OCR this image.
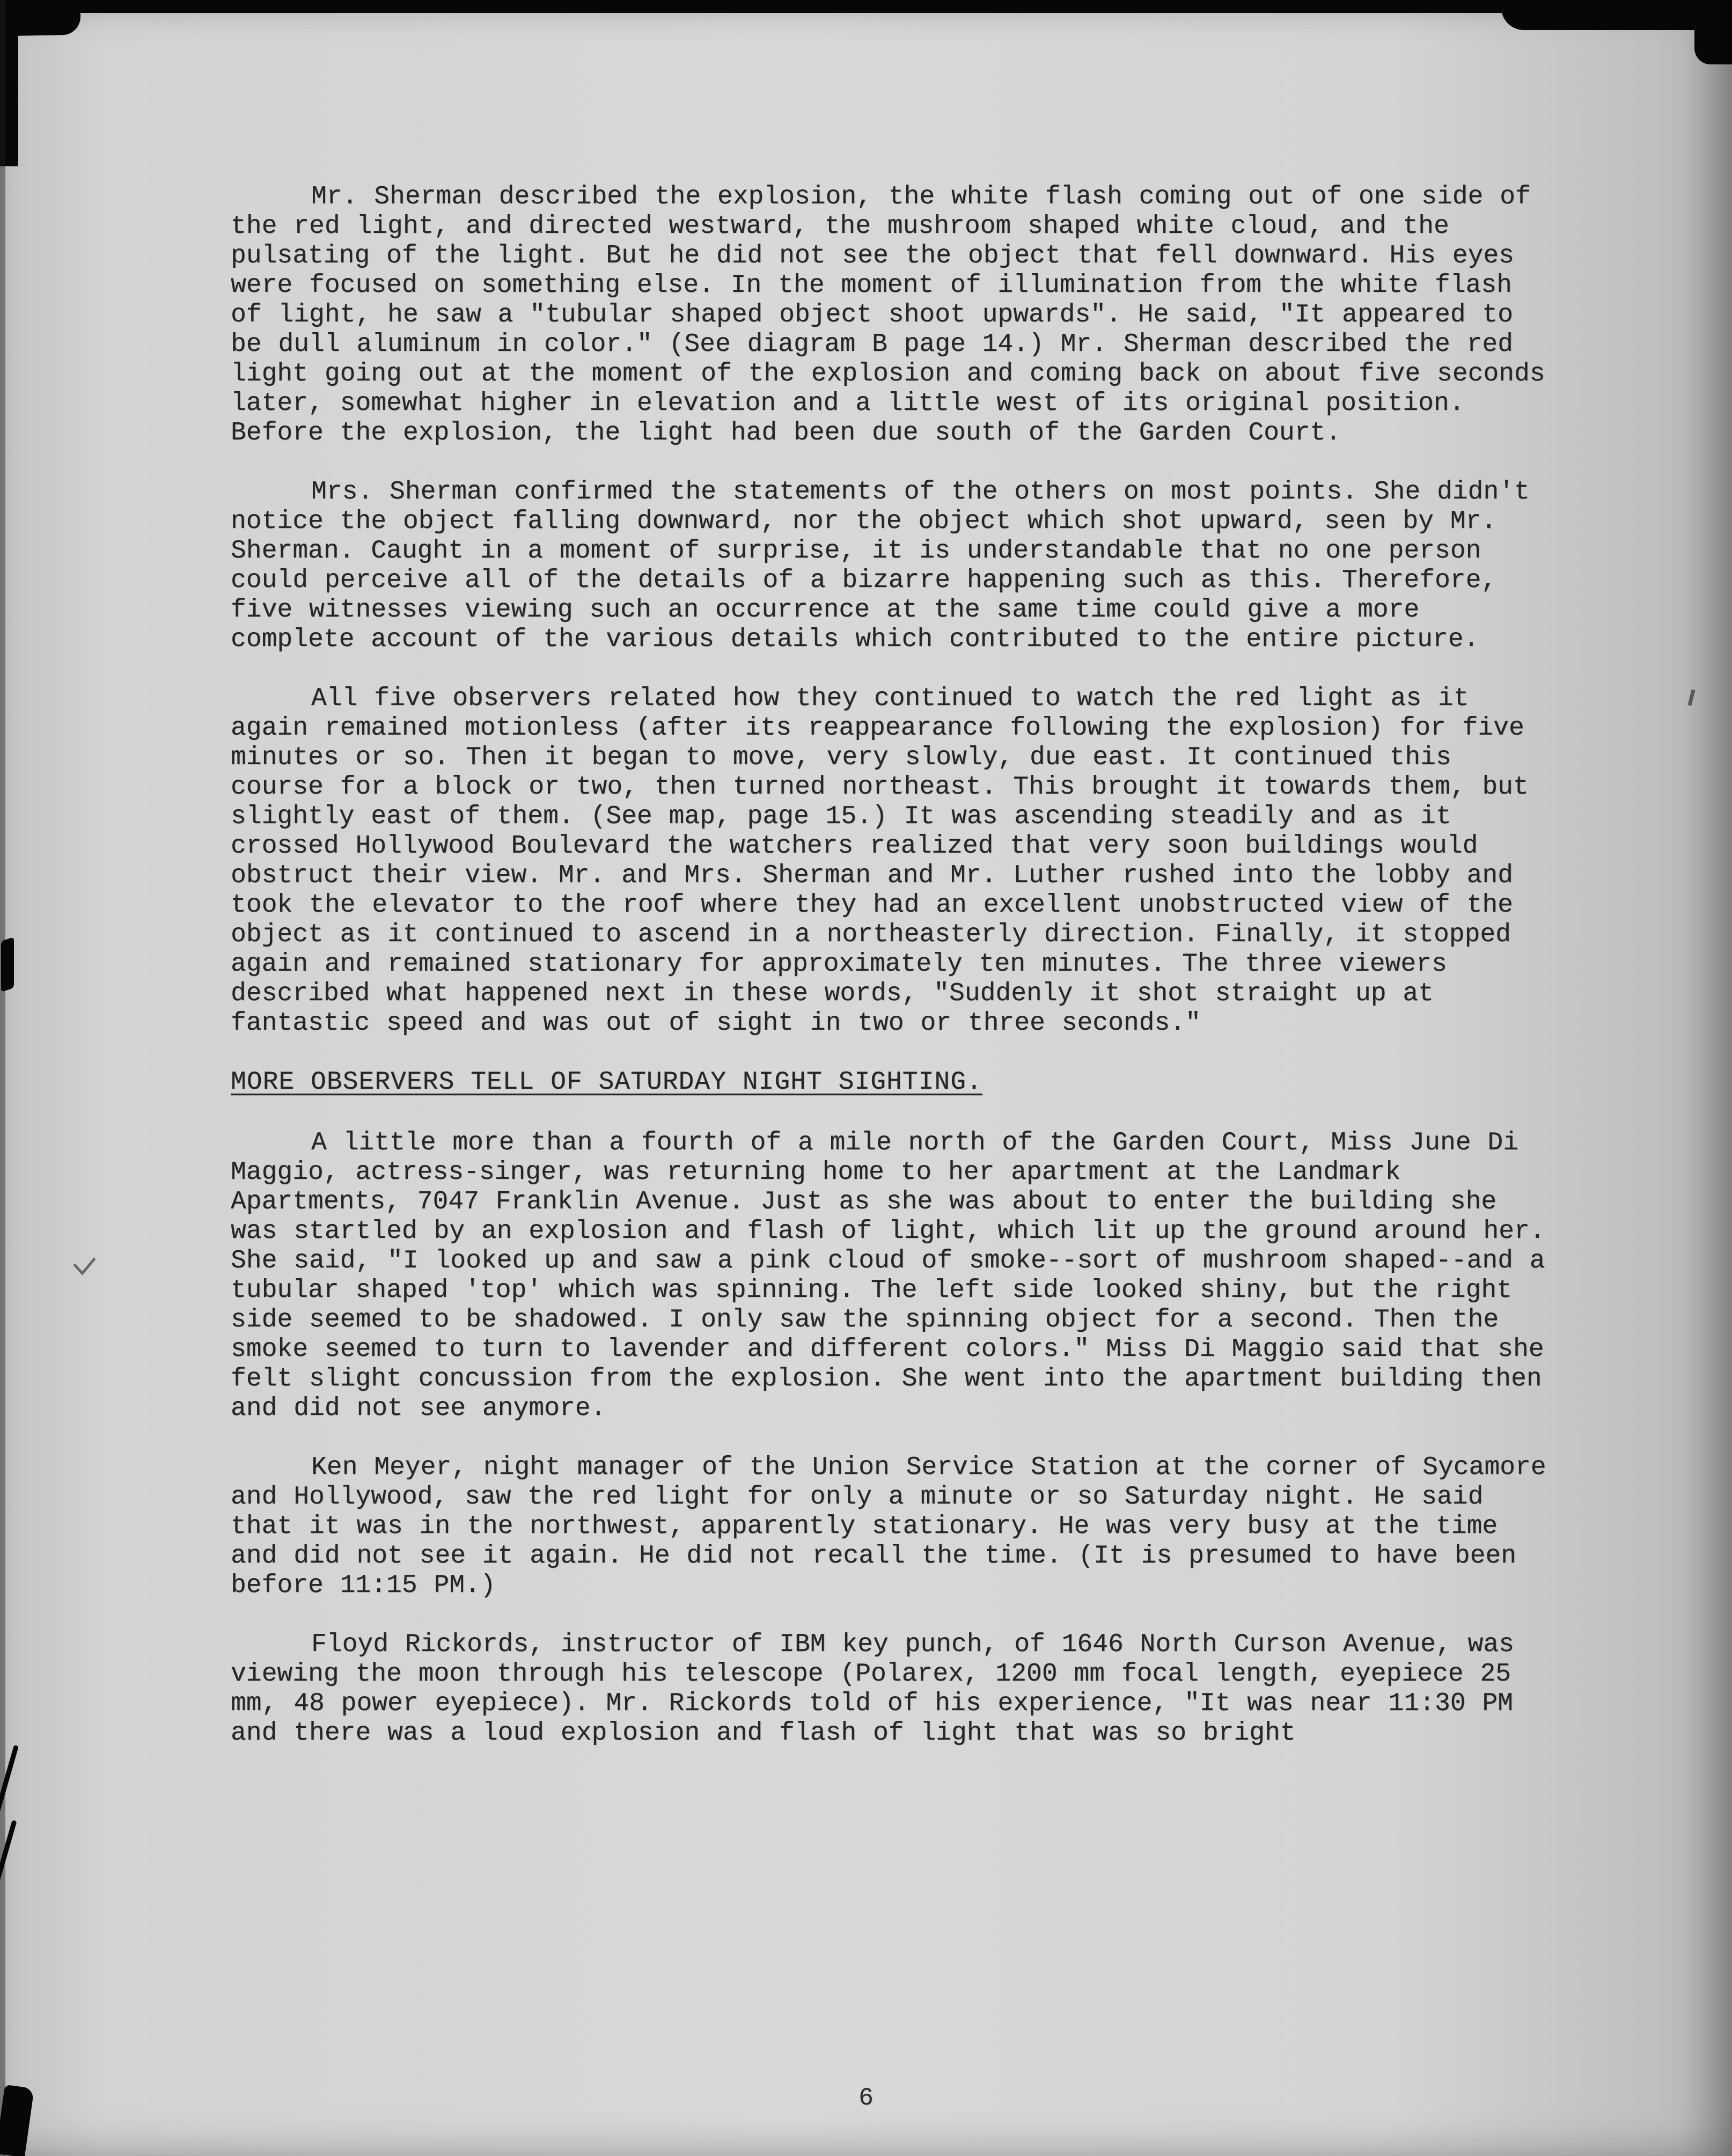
Mr. Sherman described the explosion, the white flash coming out of one side of the red light, and directed westward, the mushroom shaped white cloud, and the pulsating of the light. But he did not see the object that fell downward. His eyes were focused on something else. In the moment of illumination from the white flash of light, he saw a "tubular shaped object shoot upwards". He said, "It appeared to be dull aluminum in color." (See diagram B page 14.) Mr. Sherman described the red light going out at the moment of the explosion and coming back on about five seconds later, somewhat higher in elevation and a little west of its original position. Before the explosion, the light had been due south of the Garden Court.

Mrs. Sherman confirmed the statements of the others on most points. She didn't notice the object falling downward, nor the object which shot upward, seen by Mr. Sherman. Caught in a moment of surprise, it is understandable that no one person could perceive all of the details of a bizarre happening such as this. Therefore, five witnesses viewing such an occurrence at the same time could give a more complete account of the various details which contributed to the entire picture.

All five observers related how they continued to watch the red light as it again remained motionless (after its reappearance following the explosion) for five minutes or so. Then it began to move, very slowly, due east. It continued this course for a block or two, then turned northeast. This brought it towards them, but slightly east of them. (See map, page 15.) It was ascending steadily and as it crossed Hollywood Boulevard the watchers realized that very soon buildings would obstruct their view. Mr. and Mrs. Sherman and Mr. Luther rushed into the lobby and took the elevator to the roof where they had an excellent unobstructed view of the object as it continued to ascend in a northeasterly direction. Finally, it stopped again and remained stationary for approximately ten minutes. The three viewers described what happened next in these words, "Suddenly it shot straight up at fantastic speed and was out of sight in two or three seconds."

MORE OBSERVERS TELL OF SATURDAY NIGHT SIGHTING.

A little more than a fourth of a mile north of the Garden Court, Miss June Di Maggio, actress-singer, was returning home to her apartment at the Landmark Apartments, 7047 Franklin Avenue. Just as she was about to enter the building she was startled by an explosion and flash of light, which lit up the ground around her. She said, "I looked up and saw a pink cloud of smoke--sort of mushroom shaped--and a tubular shaped 'top' which was spinning. The left side looked shiny, but the right side seemed to be shadowed. I only saw the spinning object for a second. Then the smoke seemed to turn to lavender and different colors." Miss Di Maggio said that she felt slight concussion from the explosion. She went into the apartment building then and did not see anymore.

Ken Meyer, night manager of the Union Service Station at the corner of Sycamore and Hollywood, saw the red light for only a minute or so Saturday night. He said that it was in the northwest, apparently stationary. He was very busy at the time and did not see it again. He did not recall the time. (It is presumed to have been before 11:15 PM.)

Floyd Rickords, instructor of IBM key punch, of 1646 North Curson Avenue, was viewing the moon through his telescope (Polarex, 1200 mm focal length, eyepiece 25 mm, 48 power eyepiece). Mr. Rickords told of his experience, "It was near 11:30 PM and there was a loud explosion and flash of light that was so bright

6
